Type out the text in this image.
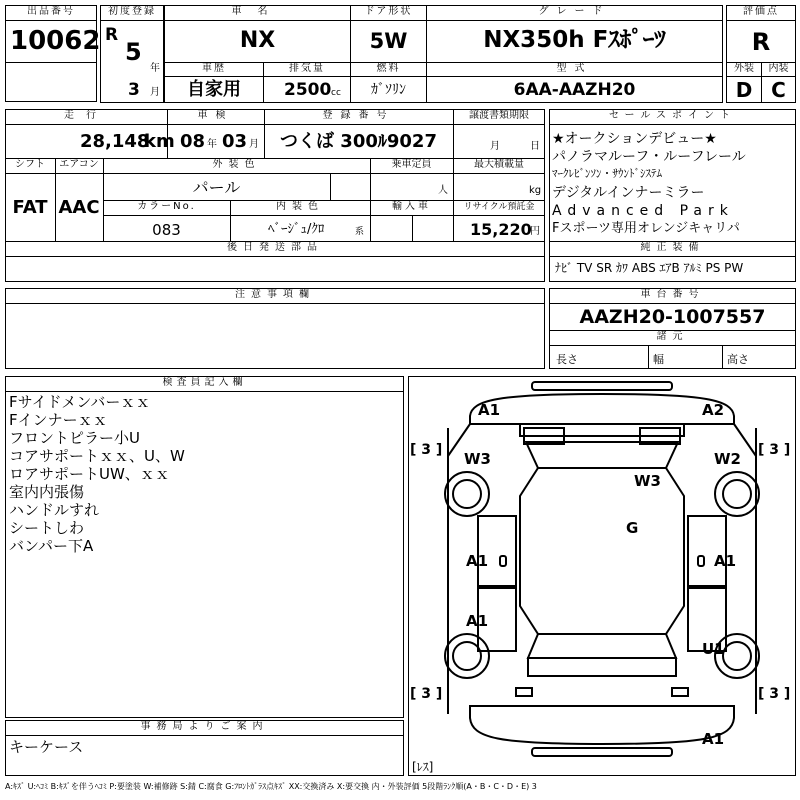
出品番号
10062
初度登録
R
5
年
3 月
車名
NX
ドア形状
5W
グレード
NX350h Fｽﾎﾟｰﾂ
評価点
R
車歴
自家用
排気量
2500 cc
燃料
ｶﾞｿﾘﾝ
型式
6AA-AAZH20
外装
D
内装
C
走行
28,148
km
車検
08 年 03 月
登録番号
つくば 300ﾙ9027
譲渡書類期限
月	日
シフト
FAT
エアコン
AAC
外装色
パール
乗車定員
人
最大積載量
kg
カラーNo.
083
内装色
ﾍﾞｰｼﾞｭ/ｸﾛ	系
輸入車	リサイクル預託金
15,220
円
後日発送部品
セールスポイント
★オークションデビュー★
パノラマルーフ・ルーフレール
ﾏｰｸﾚﾋﾞﾝｿﾝ・ｻｳﾝﾄﾞｼｽﾃﾑ
デジタルインナーミラー
Advanced Park
Fスポーツ専用オレンジキャリパ
純正装備
ﾅﾋﾞ TV SR ｶﾜ ABS ｴｱB ｱﾙﾐ PS PW
注意事項欄	車台番号
AAZH20-1007557
諸元
長さ	幅	高さ
検査員記入欄
Fサイドメンバーｘｘ
Fインナーｘｘ
フロントピラー小U
コアサポートｘｘ、U、W
ロアサポートUW、ｘｘ
室内内張傷
ハンドルすれ
シートしわ
バンパー下A
事務局よりご案内
キーケース
A1	A2
W3	W2
W3
G
A1	A1
A1
U1
A1
[ 3 ]	[ 3 ]
[ 3 ]	[ 3 ]
[ﾚｽ]
A:ｷｽﾞ U:ﾍｺﾐ B:ｷｽﾞを伴うﾍｺﾐ P:要塗装 W:補修跡 S:錆 C:腐食 G:ﾌﾛﾝﾄｶﾞﾗｽ点ｷｽﾞ XX:交換済み X:要交換 内・外装評価 5段階ﾗﾝｸ順(A・B・C・D・E) 3
